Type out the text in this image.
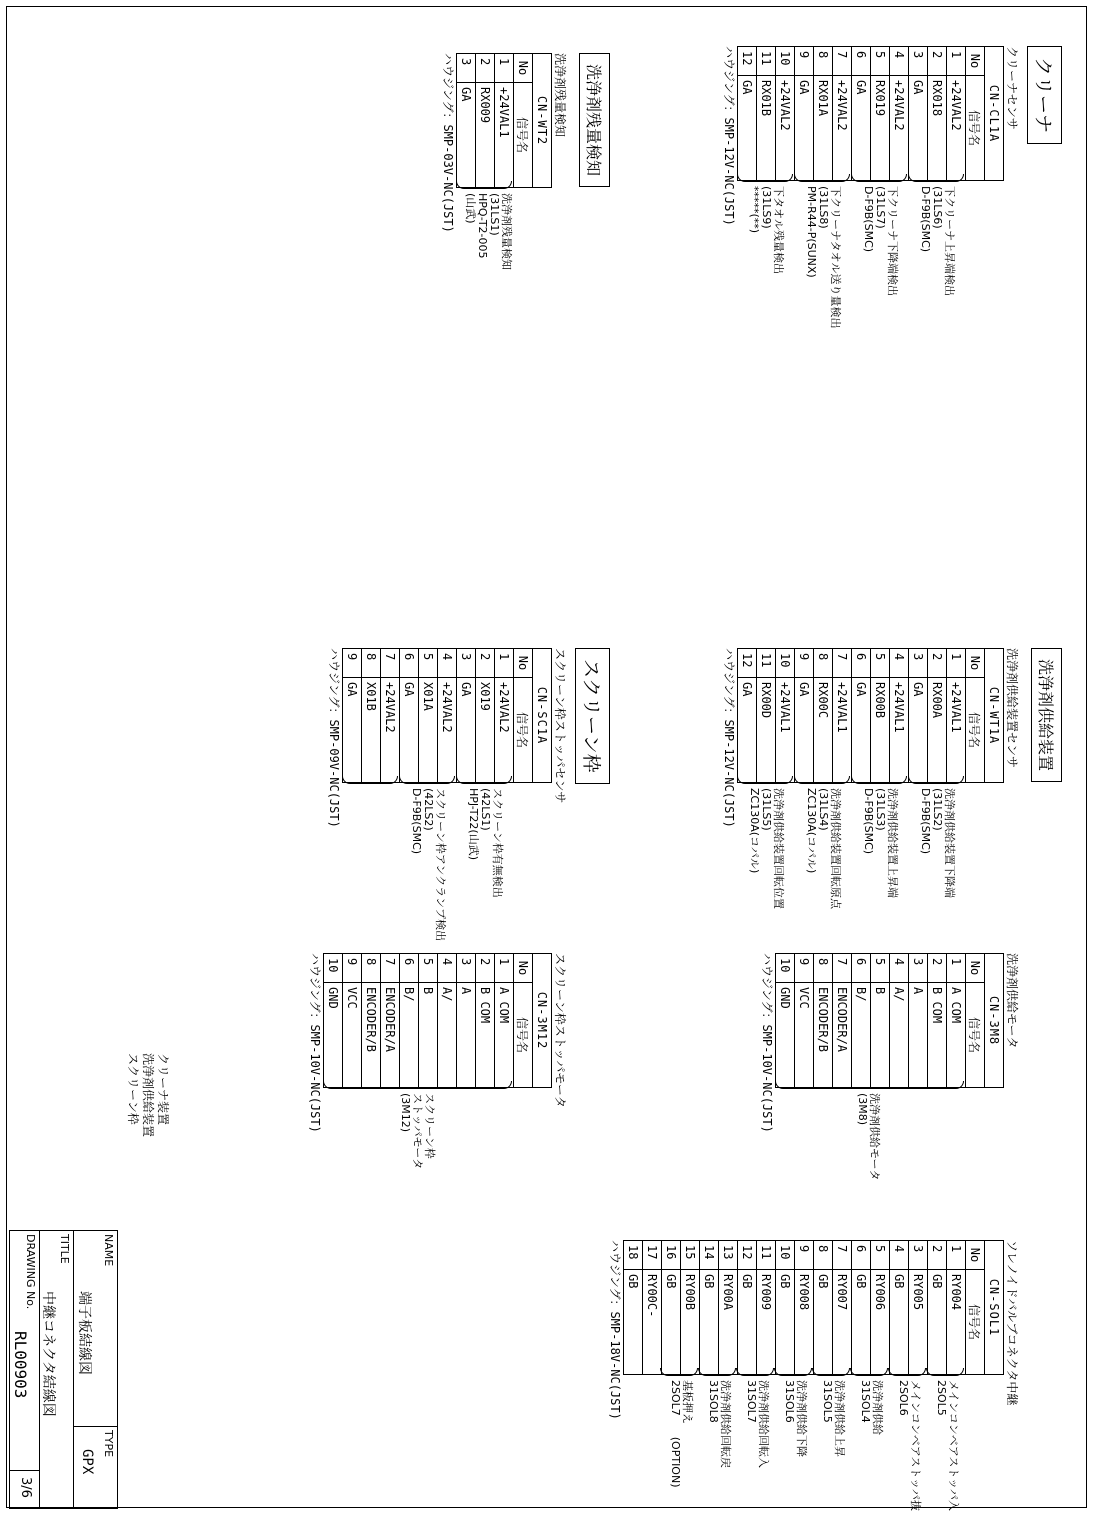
クリーナ
洗浄剤供給装置
スクリーン枠
洗浄剤残量検知	クリーナセンサ
CN-CL1A	
No	信号名
1	+24VAL2
2	RX018
3	GA
4	+24VAL2
5	RX019
6	GA
7	+24VAL2
8	RX01A
9	GA
10	+24VAL2
11	RX01B
12	GA
ハウジング：SMP-12V-NC(JST)
下クリーナ上昇端検出
(31LS6)
D-F9B(SMC)
下クリーナ下降端検出
(31LS7)
D-F9B(SMC)
下クリーナタオル送り量検出
(31LS8)
PM-R44-P(SUNX)
下タオル残量検出
(31LS9)
*****(**)
洗浄剤供給装置センサ
CN-WT1A	
No	信号名
1	+24VAL1
2	RX00A
3	GA
4	+24VAL1
5	RX00B
6	GA
7	+24VAL1
8	RX00C
9	GA
10	+24VAL1
11	RX00D
12	GA
ハウジング：SMP-12V-NC(JST)
洗浄剤供給装置下降端
(31LS2)
D-F9B(SMC)
洗浄剤供給装置上昇端
(31LS3)
D-F9B(SMC)
洗浄剤供給装置回転原点
(31LS4)
ZC130A(コパル)
洗浄剤供給装置回転位置
(31LS5)
ZC130A(コパル)
洗浄剤供給モータ
CN-3M8	
No	信号名
1	A COM
2	B COM
3	A
4	A/
5	B
6	B/
7	ENCODER/A
8	ENCODER/B
9	VCC
10	GND
ハウジング：SMP-10V-NC(JST)
洗浄剤供給モータ
(3M8)
ソレノイドバルブコネクタ中継
CN-SOL1	
No	信号名
1	RY004
2	GB
3	RY005
4	GB
5	RY006
6	GB
7	RY007
8	GB
9	RY008
10	GB
11	RY009
12	GB
13	RY00A
14	GB
15	RY00B
16	GB
17	RY00C-
18	GB
ハウジング：SMP-18V-NC(JST)
メインコンベアストッパ入
2SOL5
メインコンベアストッパ抜
2SOL6
洗浄剤供給
31SOL4
洗浄剤供給上昇
31SOL5
洗浄剤供給下降
31SOL6
洗浄剤供給回転入
31SOL7
洗浄剤供給回転戻
31SOL8
基板押え
2SOL7      (OPTION)
洗浄剤残量検知
CN-WT2	
No	信号名
1	+24VAL1
2	RX009
3	GA
ハウジング：SMP-03V-NC(JST)	洗浄剤残量検知
(31LS1)
HPQ-T2-005
(山武)
スクリーン枠ストッパセンサ
CN-SC1A	
No	信号名
1	+24VAL2
2	X019
3	GA
4	+24VAL2
5	X01A
6	GA
7	+24VAL2
8	X01B
9	GA
ハウジング：SMP-09V-NC(JST)
スクリーン枠有無検出
(42LS1)
HPJ-T22(山武)
スクリーン枠アンクランプ検出
(42LS2)
D-F9B(SMC)
スクリーン枠ストッパモータ
CN-3M12	
No	信号名
1	A COM
2	B COM
3	A
4	A/
5	B
6	B/
7	ENCODER/A
8	ENCODER/B
9	VCC
10	GND
ハウジング：SMP-10V-NC(JST)	スクリーン枠
ストッパモータ
(3M12)
クリーナ装置
洗浄剤供給装置
スクリーン枠
NAME
端子板結線図
TYPE
GPX
TITLE
中継コネクタ結線図
DRAWING No.
RL00903
3/6
